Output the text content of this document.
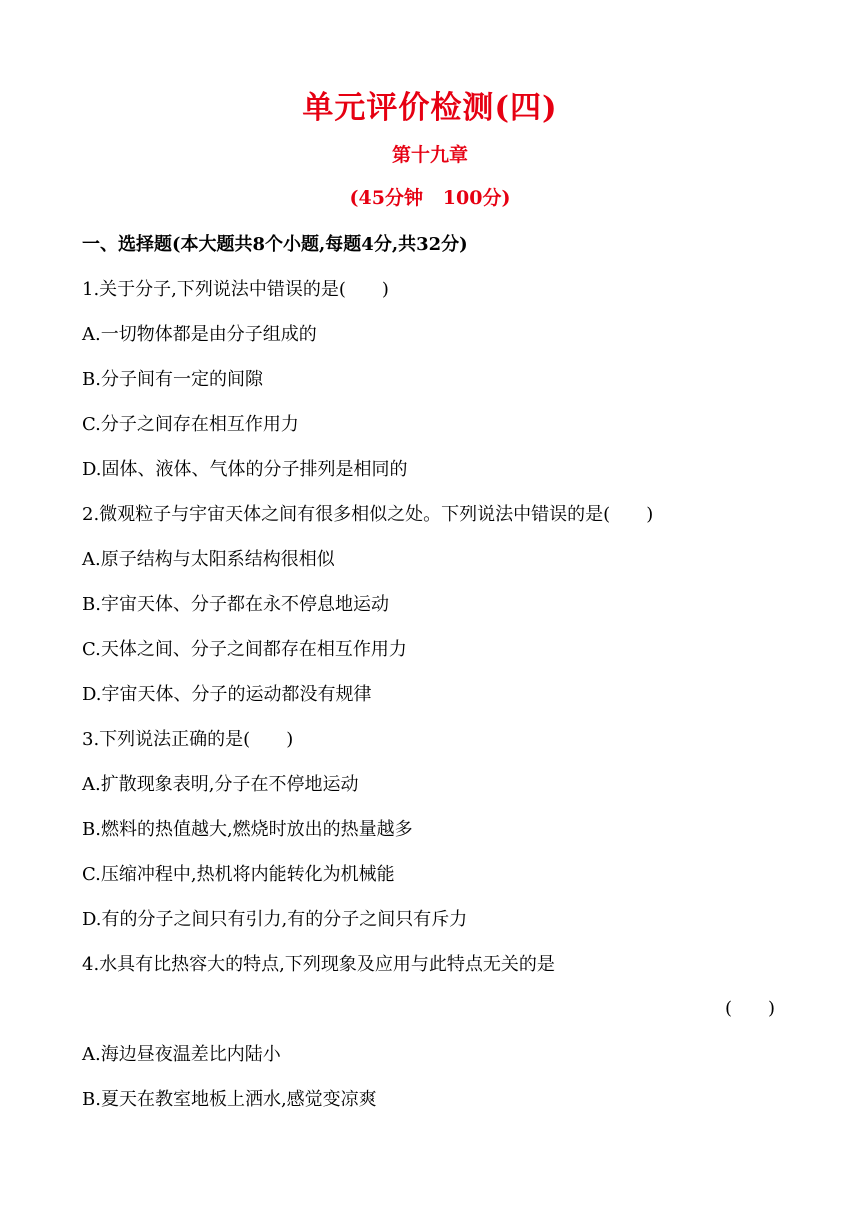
单元评价检测(四)
第十九章
(45分钟   100分)
一、选择题(本大题共8个小题,每题4分,共32分)
1.关于分子,下列说法中错误的是(　　)
A.一切物体都是由分子组成的
B.分子间有一定的间隙
C.分子之间存在相互作用力
D.固体、液体、气体的分子排列是相同的
2.微观粒子与宇宙天体之间有很多相似之处。下列说法中错误的是(　　)
A.原子结构与太阳系结构很相似
B.宇宙天体、分子都在永不停息地运动
C.天体之间、分子之间都存在相互作用力
D.宇宙天体、分子的运动都没有规律
3.下列说法正确的是(　　)
A.扩散现象表明,分子在不停地运动
B.燃料的热值越大,燃烧时放出的热量越多
C.压缩冲程中,热机将内能转化为机械能
D.有的分子之间只有引力,有的分子之间只有斥力
4.水具有比热容大的特点,下列现象及应用与此特点无关的是
(　　)
A.海边昼夜温差比内陆小
B.夏天在教室地板上洒水,感觉变凉爽
